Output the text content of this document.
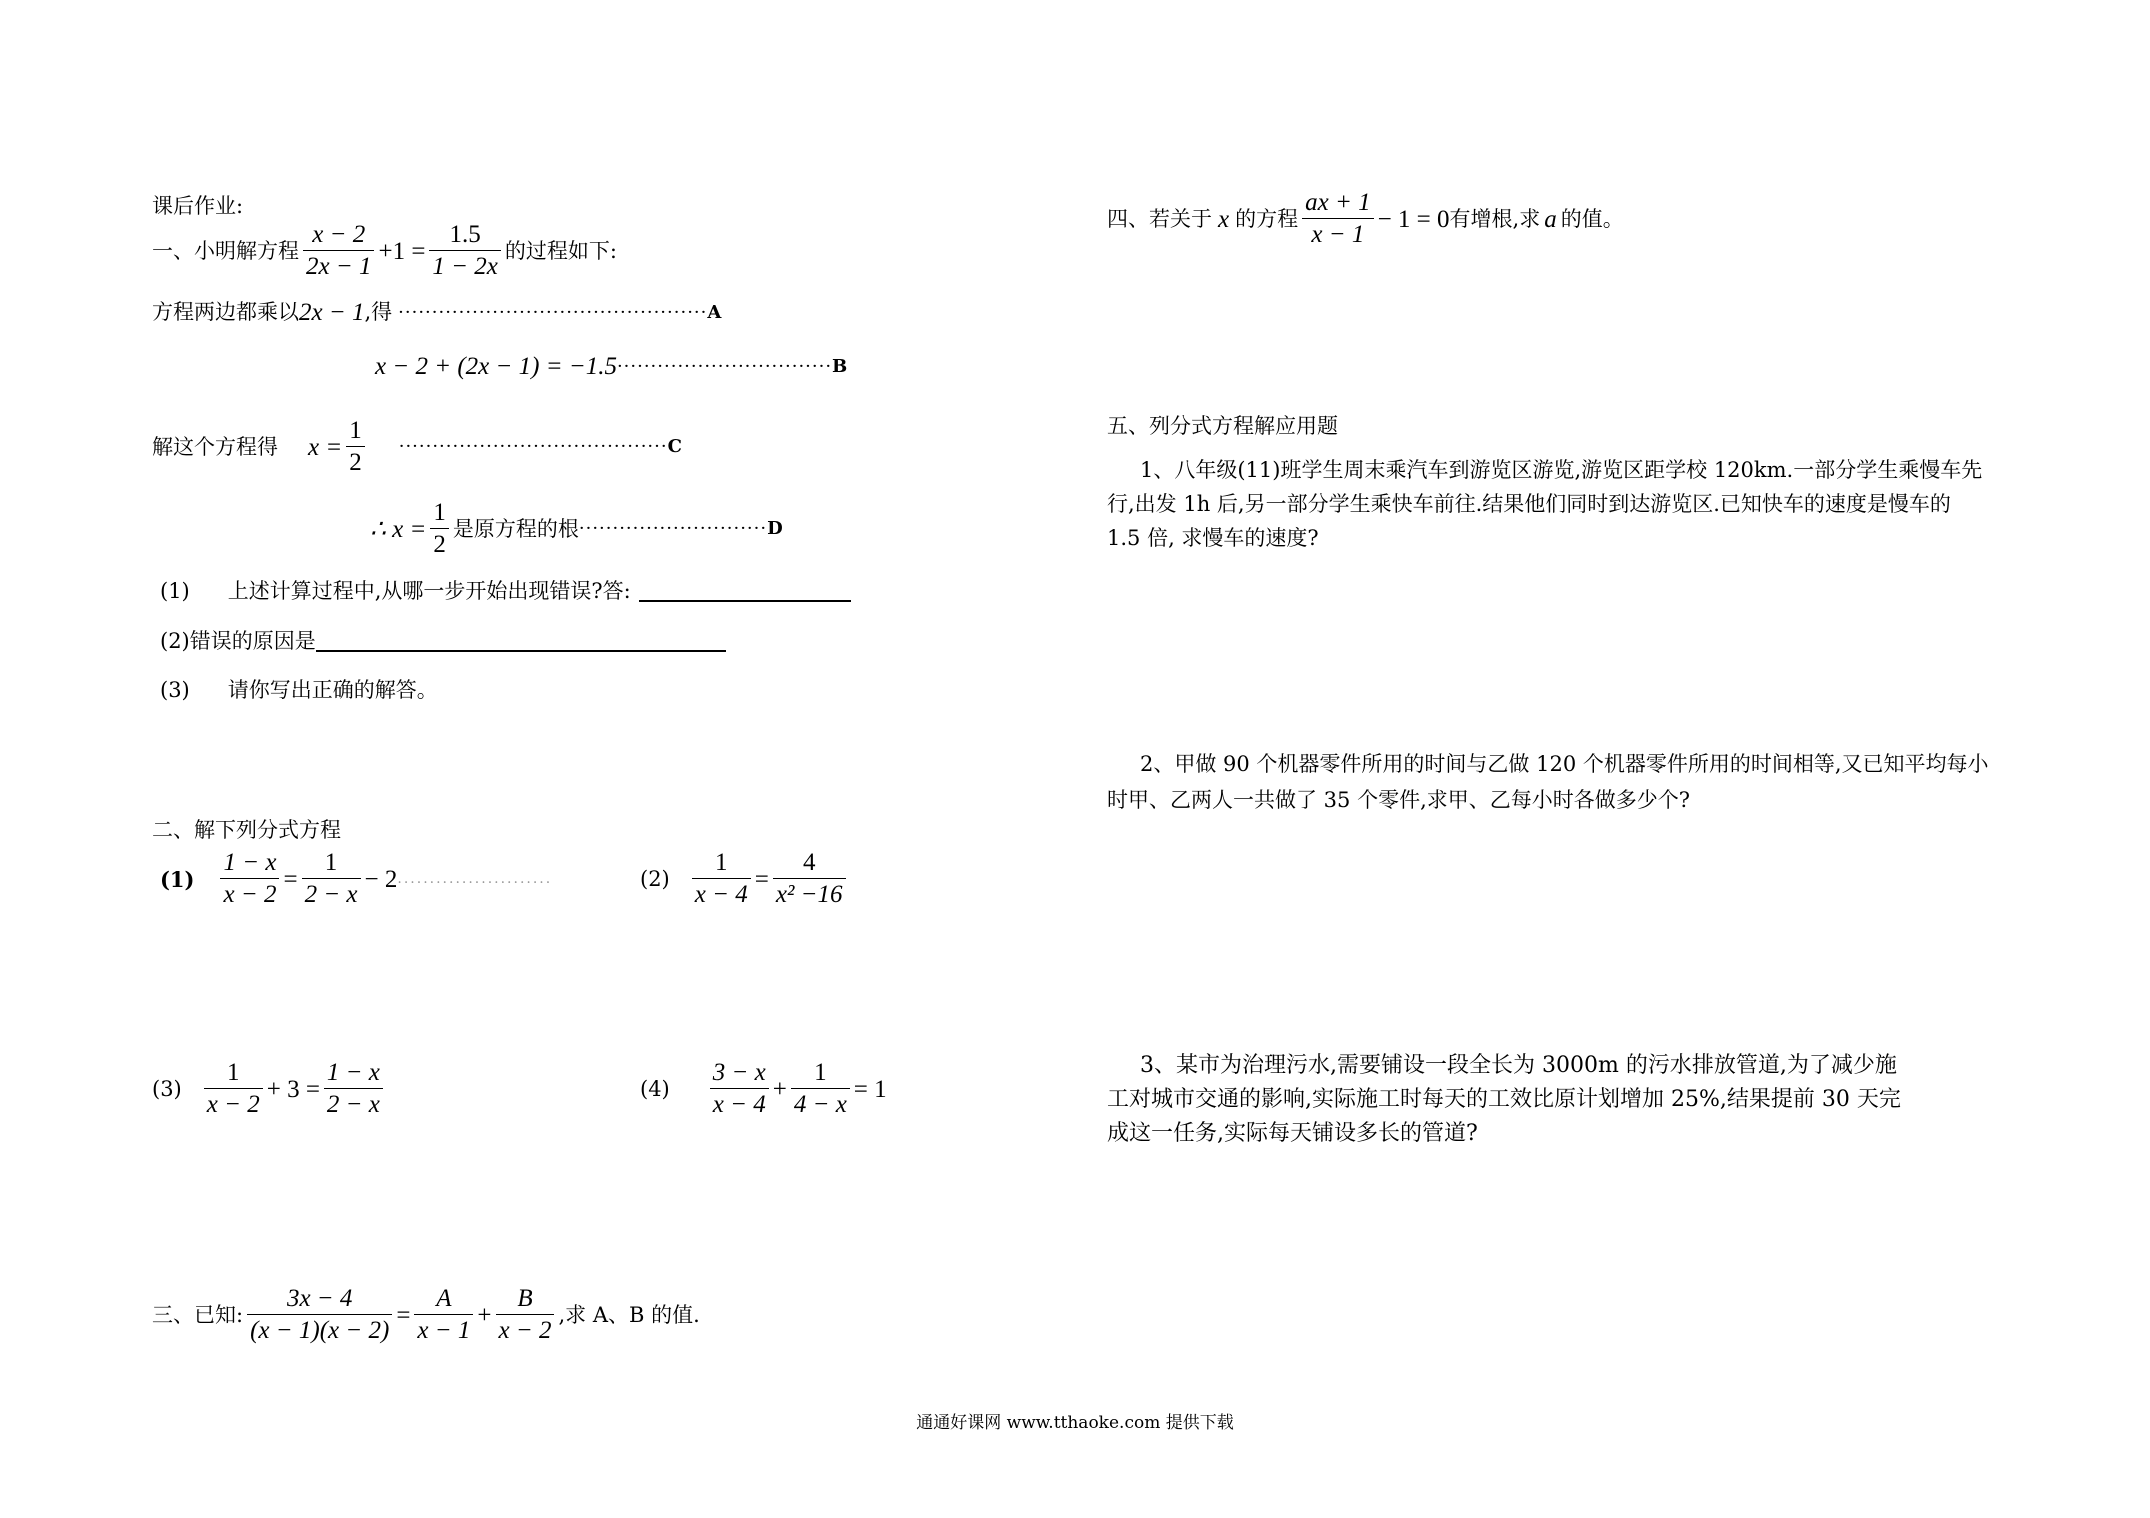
课后作业:
一、小明解方程 $\frac{x - 2}{2x - 1} +1 = \frac{1.5}{1 - 2x}$ 的过程如下:
方程两边都乘以 2x − 1 ,得 ·············································· A
x − 2 + (2x − 1) = −1.5 ································ B
解这个方程得 $x = \frac{1}{2}$ ········································ C
∴ $x = \frac{1}{2}$ 是原方程的根 ···························· D
(1) 上述计算过程中,从哪一步开始出现错误?答:
(2)错误的原因是
(3) 请你写出正确的解答。
二、解下列分式方程
$(1) \frac{1 - x}{x - 2} = \frac{1}{2 - x} - 2$ ........................	$(2) \frac{1}{x - 4} = \frac{4}{\text{x² −16}}$
$(3) \frac{1}{x - 2} + 3 = \frac{1 - x}{2 - x}$	$(4) \frac{3 - x}{x - 4} + \frac{1}{4 - x} = 1$
三、已知: $\frac{3x - 4}{(x - 1)(x - 2)} = \frac{A}{x - 1} + \frac{B}{x - 2}$ ,求 A、B 的值.
四、若关于 x 的方程 $\frac{ax + 1}{x - 1} - 1 = 0$ 有增根,求 a 的值。
五、列分式方程解应用题
1、八年级(11)班学生周末乘汽车到游览区游览,游览区距学校 120km.一部分学生乘慢车先
行,出发 1h 后,另一部分学生乘快车前往.结果他们同时到达游览区.已知快车的速度是慢车的
1.5 倍, 求慢车的速度?
2、甲做 90 个机器零件所用的时间与乙做 120 个机器零件所用的时间相等,又已知平均每小
时甲、乙两人一共做了 35 个零件,求甲、乙每小时各做多少个?
3、某市为治理污水,需要铺设一段全长为 3000m 的污水排放管道,为了减少施
工对城市交通的影响,实际施工时每天的工效比原计划增加 25%,结果提前 30 天完
成这一任务,实际每天铺设多长的管道?
通通好课网 www.tthaoke.com 提供下载
